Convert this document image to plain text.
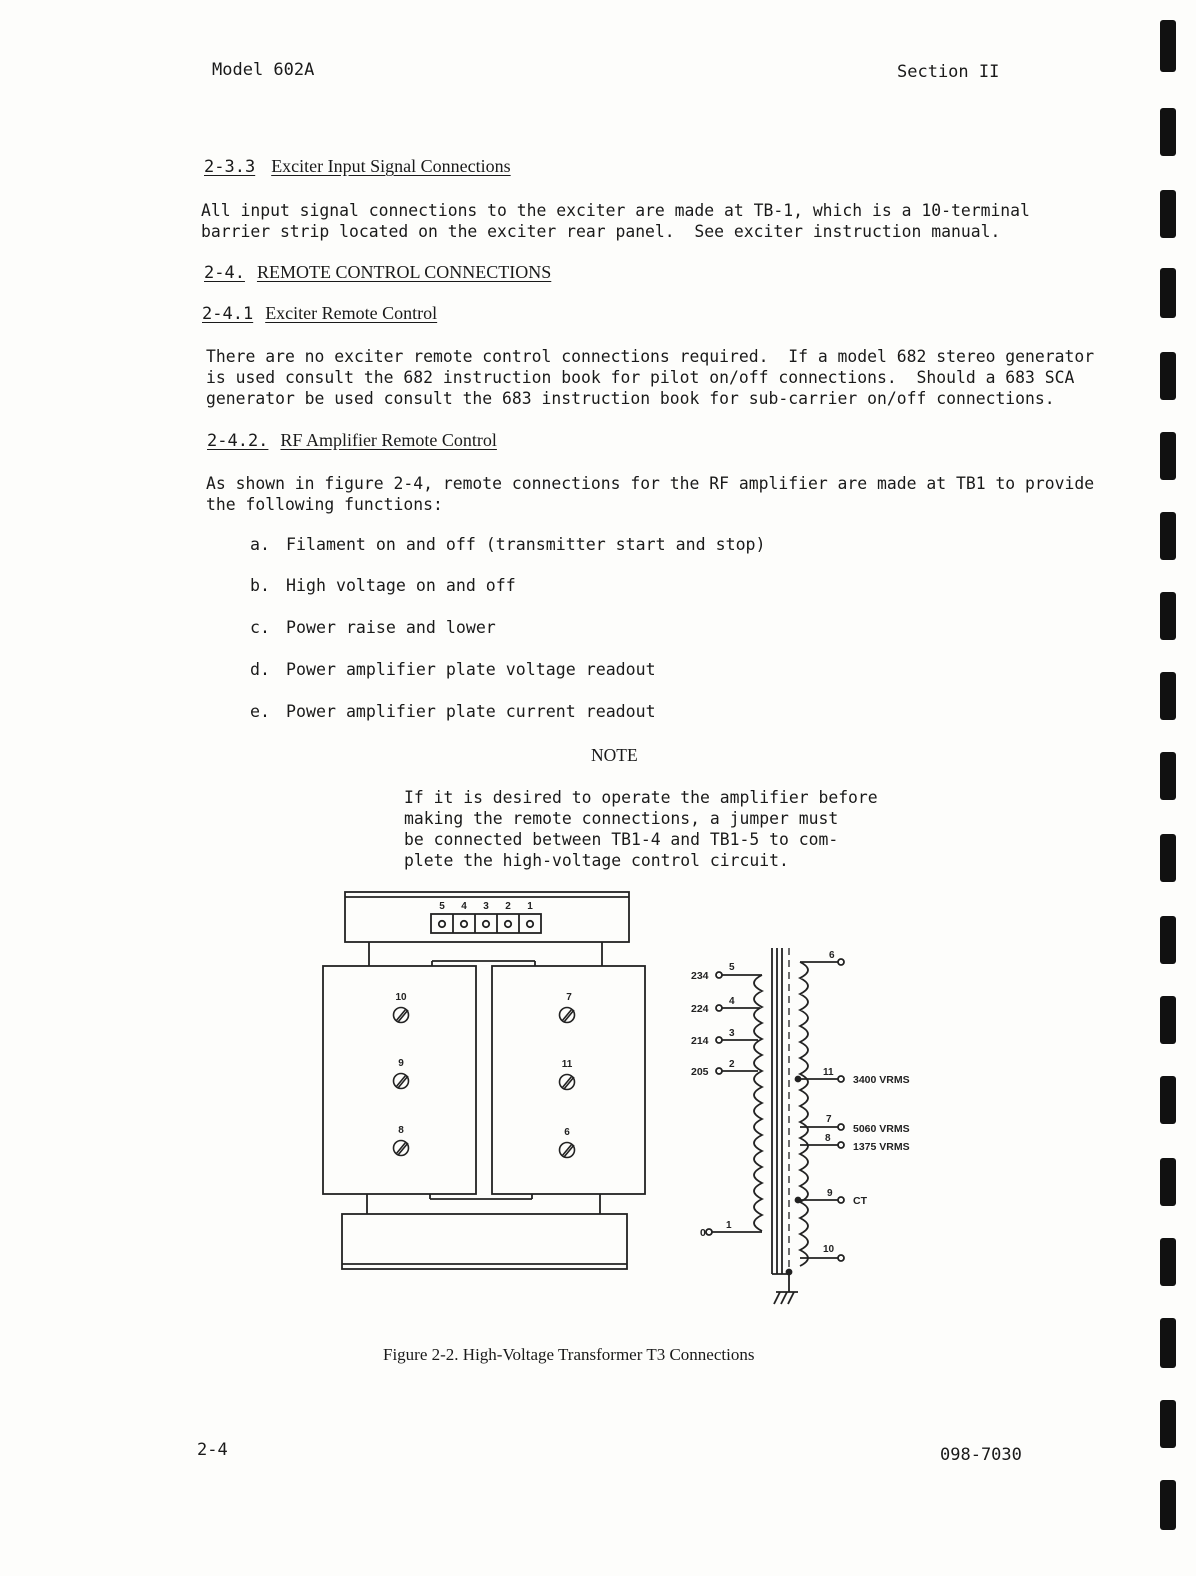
Model 602A	Section II
2-3.3 Exciter Input Signal Connections
All input signal connections to the exciter are made at TB-1, which is a 10-terminal
barrier strip located on the exciter rear panel.  See exciter instruction manual.
2-4. REMOTE CONTROL CONNECTIONS
2-4.1 Exciter Remote Control
There are no exciter remote control connections required.  If a model 682 stereo generator
is used consult the 682 instruction book for pilot on/off connections.  Should a 683 SCA
generator be used consult the 683 instruction book for sub-carrier on/off connections.
2-4.2. RF Amplifier Remote Control
As shown in figure 2-4, remote connections for the RF amplifier are made at TB1 to provide
the following functions:
a. Filament on and off (transmitter start and stop)
b. High voltage on and off
c. Power raise and lower
d. Power amplifier plate voltage readout
e. Power amplifier plate current readout
NOTE
If it is desired to operate the amplifier before
making the remote connections, a jumper must
be connected between TB1-4 and TB1-5 to com-
plete the high-voltage control circuit.
5 4 3 2 1
10
9
8
7
11
6
234
5
224
4
214
3
205
2
0
1
6
11
3400 VRMS
7
5060 VRMS
8
1375 VRMS
9
CT
10
Figure 2-2. High-Voltage Transformer T3 Connections
2-4	098-7030
